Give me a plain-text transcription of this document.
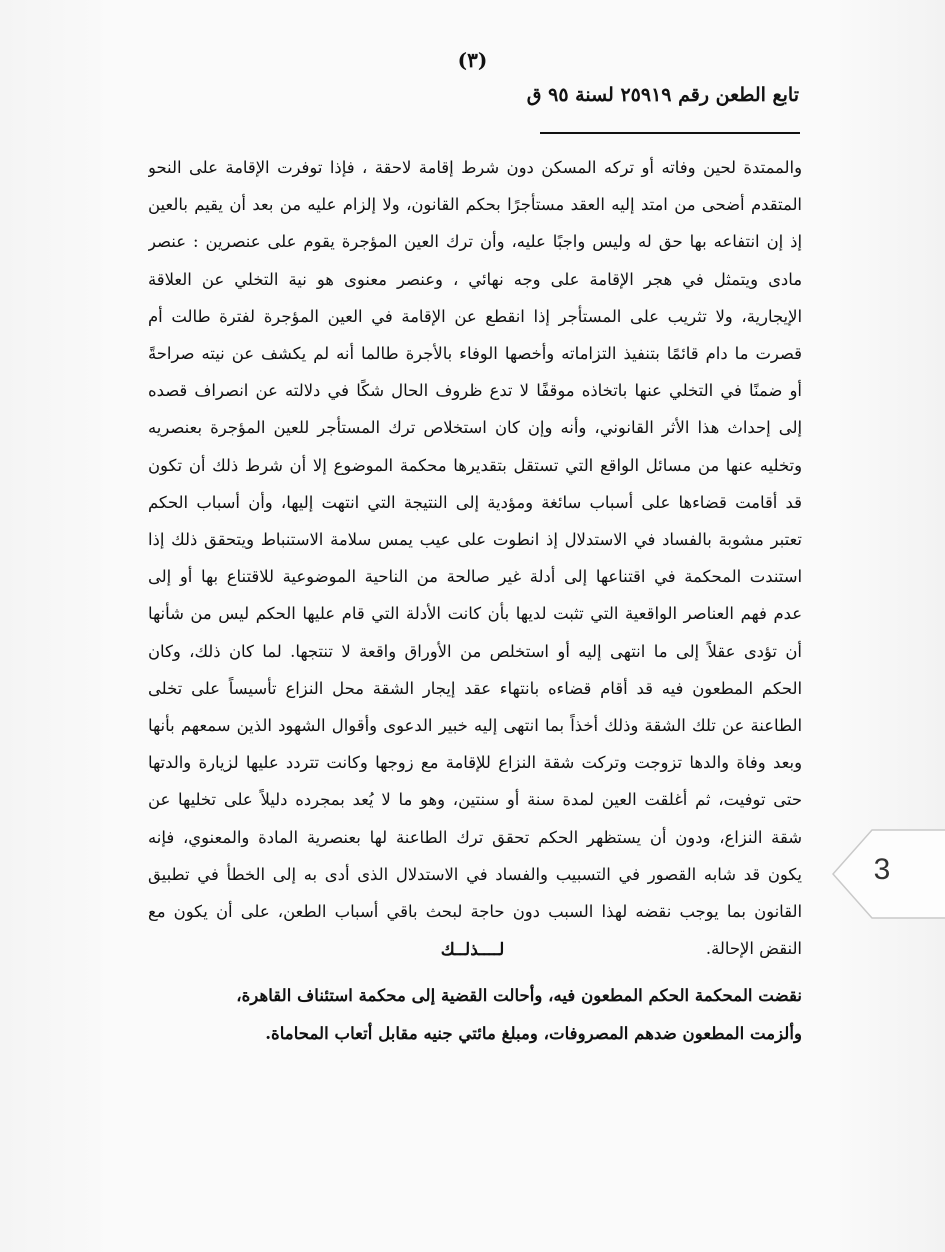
(٣)
تابع الطعن رقم ٢٥٩١٩ لسنة ٩٥ ق

والممتدة لحين وفاته أو تركه المسكن دون شرط إقامة لاحقة ، فإذا توفرت الإقامة على النحو

المتقدم أضحى من امتد إليه العقد مستأجرًا بحكم القانون، ولا إلزام عليه من بعد أن يقيم بالعين

إذ إن انتفاعه بها حق له وليس واجبًا عليه، وأن ترك العين المؤجرة يقوم على عنصرين : عنصر

مادى ويتمثل في هجر الإقامة على وجه نهائي ، وعنصر معنوى هو نية التخلي عن العلاقة

الإيجارية، ولا تثريب على المستأجر إذا انقطع عن الإقامة في العين المؤجرة لفترة طالت أم

قصرت ما دام قائمًا بتنفيذ التزاماته وأخصها الوفاء بالأجرة طالما أنه لم يكشف عن نيته صراحةً

أو ضمنًا في التخلي عنها باتخاذه موقفًا لا تدع ظروف الحال شكًا في دلالته عن انصراف قصده

إلى إحداث هذا الأثر القانوني، وأنه وإن كان استخلاص ترك المستأجر للعين المؤجرة بعنصريه

وتخليه عنها من مسائل الواقع التي تستقل بتقديرها محكمة الموضوع إلا أن شرط ذلك أن تكون

قد أقامت قضاءها على أسباب سائغة ومؤدية إلى النتيجة التي انتهت إليها، وأن أسباب الحكم

تعتبر مشوبة بالفساد في الاستدلال إذ انطوت على عيب يمس سلامة الاستنباط ويتحقق ذلك إذا

استندت المحكمة في اقتناعها إلى أدلة غير صالحة من الناحية الموضوعية للاقتناع بها أو إلى

عدم فهم العناصر الواقعية التي تثبت لديها بأن كانت الأدلة التي قام عليها الحكم ليس من شأنها

أن تؤدى عقلاً إلى ما انتهى إليه أو استخلص من الأوراق واقعة لا تنتجها. لما كان ذلك، وكان

الحكم المطعون فيه قد أقام قضاءه بانتهاء عقد إيجار الشقة محل النزاع تأسيساً على تخلى

الطاعنة عن تلك الشقة وذلك أخذاً بما انتهى إليه خبير الدعوى وأقوال الشهود الذين سمعهم بأنها

وبعد وفاة والدها تزوجت وتركت شقة النزاع للإقامة مع زوجها وكانت تتردد عليها لزيارة والدتها

حتى توفيت، ثم أغلقت العين لمدة سنة أو سنتين، وهو ما لا يُعد بمجرده دليلاً على تخليها عن

شقة النزاع، ودون أن يستظهر الحكم تحقق ترك الطاعنة لها بعنصرية المادة والمعنوي، فإنه

يكون قد شابه القصور في التسبيب والفساد في الاستدلال الذى أدى به إلى الخطأ في تطبيق

القانون بما يوجب نقضه لهذا السبب دون حاجة لبحث باقي أسباب الطعن، على أن يكون مع

النقض الإحالة.

لــــذلــك

نقضت المحكمة الحكم المطعون فيه، وأحالت القضية إلى محكمة استئناف القاهرة،

وألزمت المطعون ضدهم المصروفات، ومبلغ مائتي جنيه مقابل أتعاب المحاماة.

3
